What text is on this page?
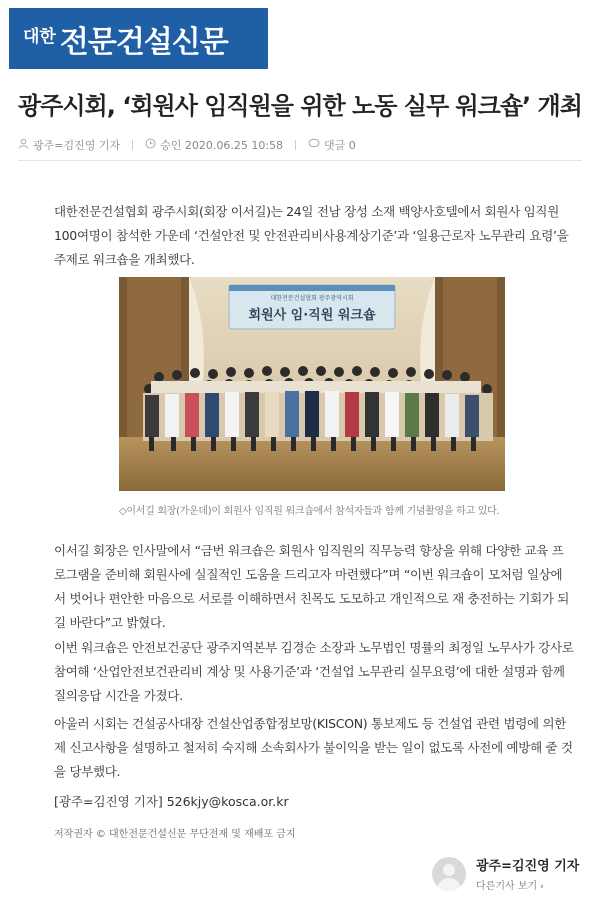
대한 전문건설신문
광주시회, ‘회원사 임직원을 위한 노동 실무 워크숍’ 개최
광주=김진영 기자	승인 2020.06.25 10:58	댓글 0

대한전문건설협회 광주시회(회장 이서길)는 24일 전남 장성 소재 백양사호텔에서 회원사 임직원 100여명이 참석한 가운데 ‘건설안전 및 안전관리비사용계상기준’과 ‘일용근로자 노무관리 요령’을 주제로 워크숍을 개최했다.

회원사 임·직원 워크숍
대한전문건설협회 광주광역시회

◇이서길 회장(가운데)이 회원사 임직원 워크숍에서 참석자들과 함께 기념촬영을 하고 있다.

이서길 회장은 인사말에서 “금번 워크숍은 회원사 임직원의 직무능력 향상을 위해 다양한 교육 프로그램을 준비해 회원사에 실질적인 도움을 드리고자 마련했다”며 “이번 워크숍이 모처럼 일상에서 벗어나 편안한 마음으로 서로를 이해하면서 친목도 도모하고 개인적으로 재 충전하는 기회가 되길 바란다”고 밝혔다.

이번 워크숍은 안전보건공단 광주지역본부 김경순 소장과 노무법인 명률의 최정일 노무사가 강사로 참여해 ‘산업안전보건관리비 계상 및 사용기준’과 ‘건설업 노무관리 실무요령’에 대한 설명과 함께 질의응답 시간을 가졌다.

아울러 시회는 건설공사대장 건설산업종합정보망(KISCON) 통보제도 등 건설업 관련 법령에 의한 제 신고사항을 설명하고 철저히 숙지해 소속회사가 불이익을 받는 일이 없도록 사전에 예방해 줄 것을 당부했다.

[광주=김진영 기자] 526kjy@kosca.or.kr

저작권자 © 대한전문건설신문 무단전재 및 재배포 금지

광주=김진영 기자
다른기사 보기 ›
